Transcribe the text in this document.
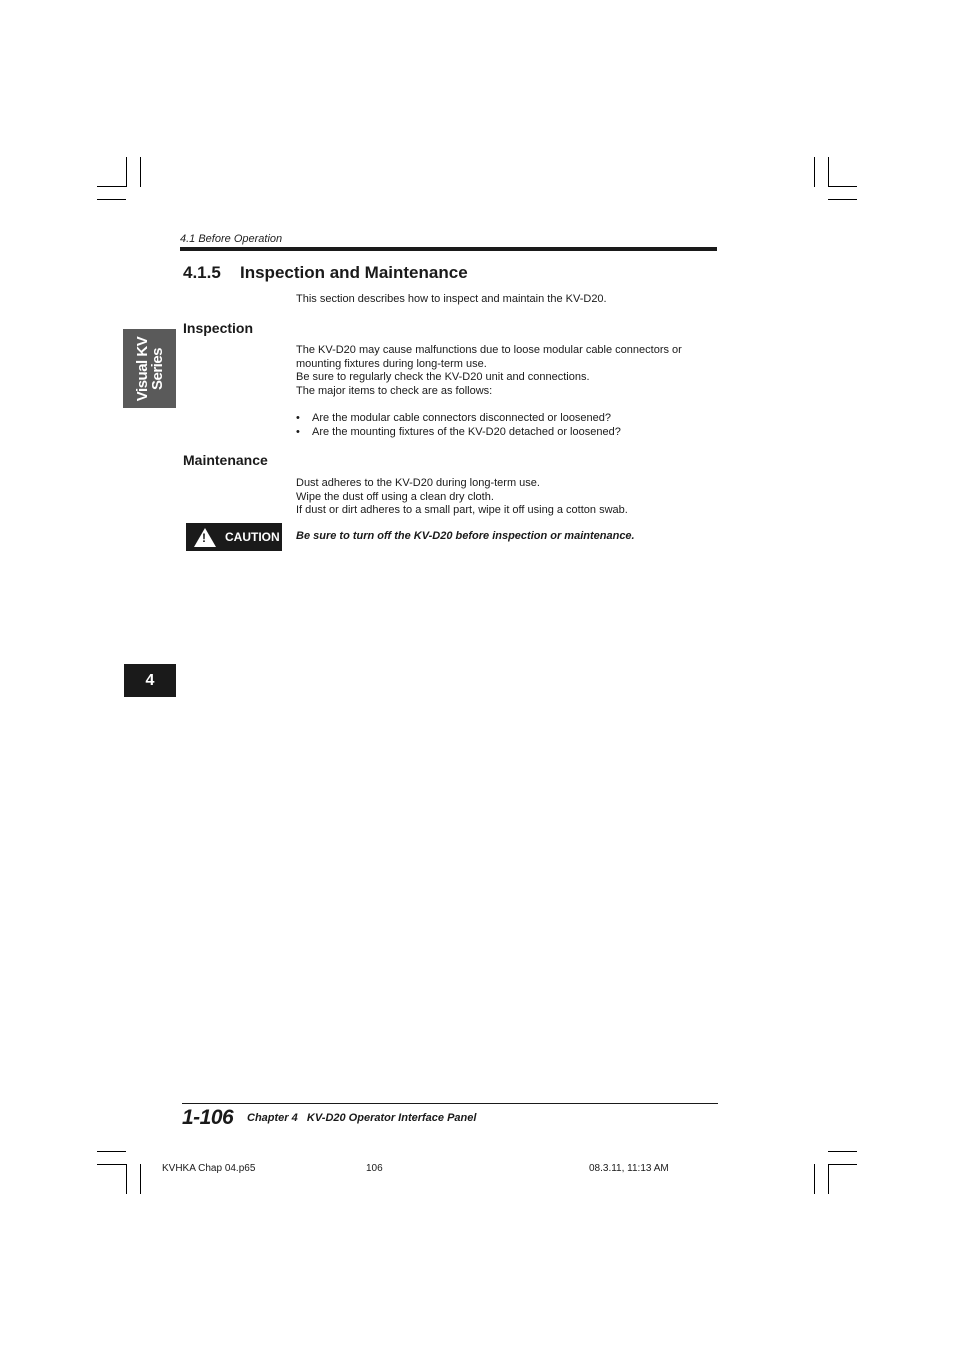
4.1 Before Operation
4.1.5 Inspection and Maintenance
This section describes how to inspect and maintain the KV-D20.
Visual KV
Series
Inspection
The KV-D20 may cause malfunctions due to loose modular cable connectors or
mounting fixtures during long-term use.
Be sure to regularly check the KV-D20 unit and connections.
The major items to check are as follows:
• Are the modular cable connectors disconnected or loosened?
• Are the mounting fixtures of the KV-D20 detached or loosened?
Maintenance
Dust adheres to the KV-D20 during long-term use.
Wipe the dust off using a clean dry cloth.
If dust or dirt adheres to a small part, wipe it off using a cotton swab.
! CAUTION Be sure to turn off the KV-D20 before inspection or maintenance.
4
1-106 Chapter 4   KV-D20 Operator Interface Panel
KVHKA Chap 04.p65	106	08.3.11, 11:13 AM
